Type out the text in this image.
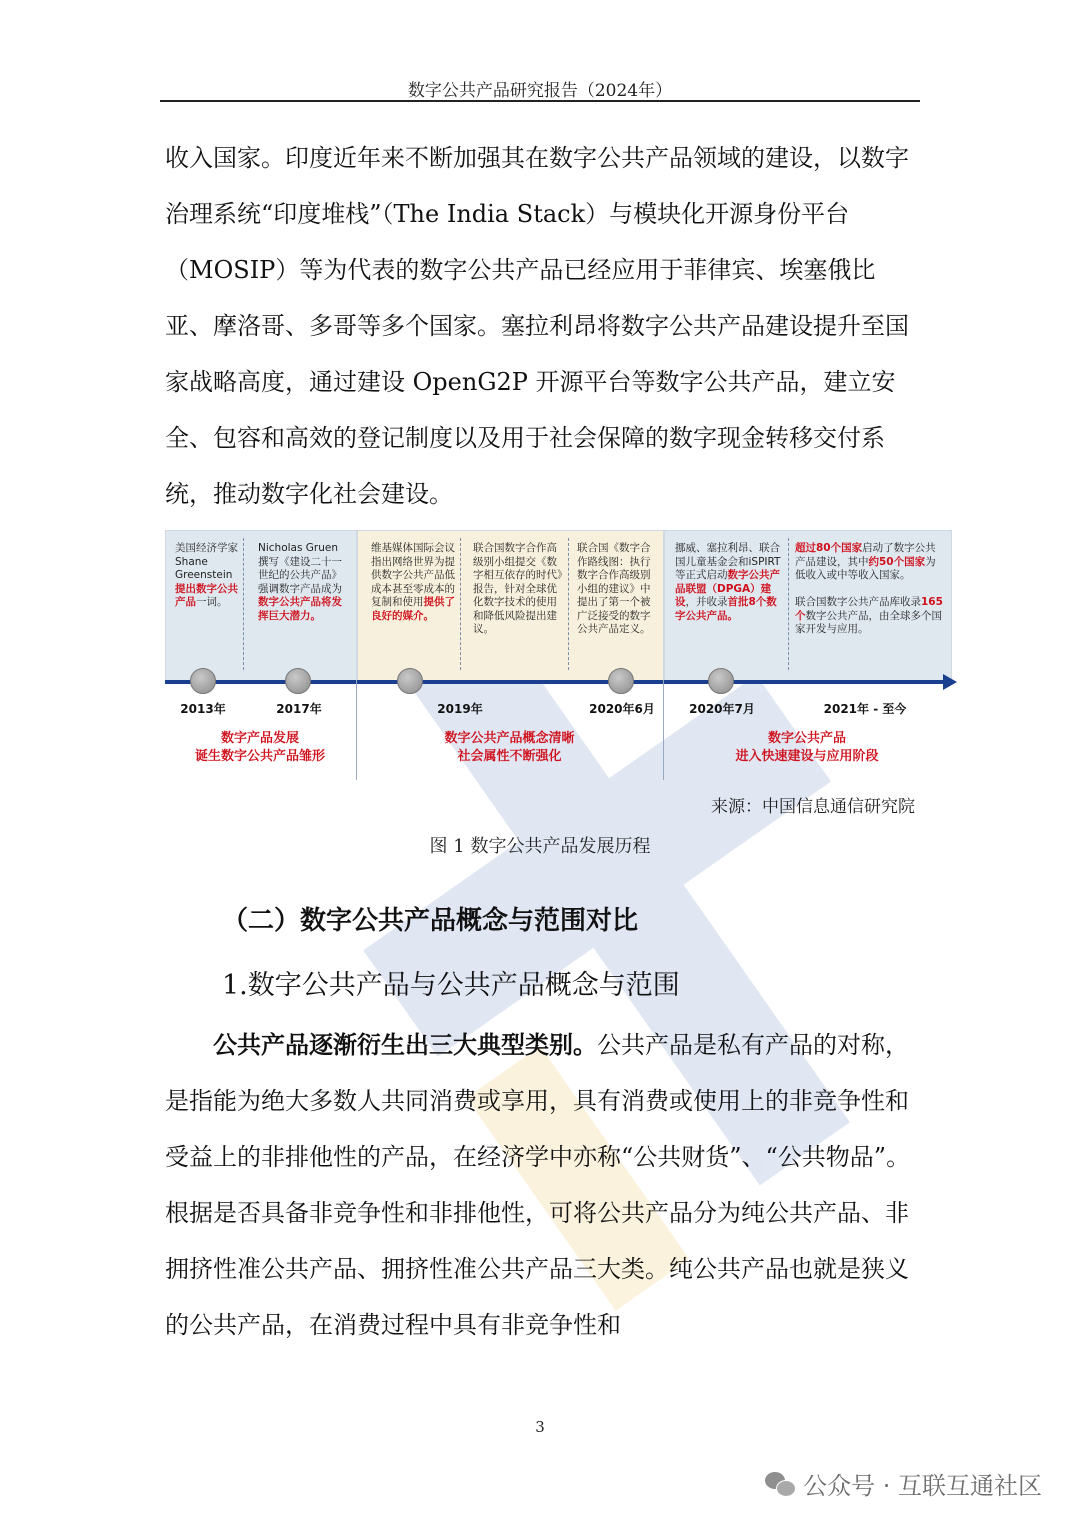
数字公共产品研究报告（2024年）

收入国家。印度近年来不断加强其在数字公共产品领域的建设，以数字治理系统“印度堆栈”（The India Stack）与模块化开源身份平台（MOSIP）等为代表的数字公共产品已经应用于菲律宾、埃塞俄比亚、摩洛哥、多哥等多个国家。塞拉利昂将数字公共产品建设提升至国家战略高度，通过建设 OpenG2P 开源平台等数字公共产品，建立安全、包容和高效的登记制度以及用于社会保障的数字现金转移交付系统，推动数字化社会建设。

美国经济学家Shane Greenstein提出数字公共产品一词。
Nicholas Gruen撰写《建设二十一世纪的公共产品》强调数字产品成为数字公共产品将发挥巨大潜力。
维基媒体国际会议指出网络世界为提供数字公共产品低成本甚至零成本的复制和使用提供了良好的媒介。
联合国数字合作高级别小组提交《数字相互依存的时代》报告，针对全球优化数字技术的使用和降低风险提出建议。
联合国《数字合作路线图：执行数字合作高级别小组的建议》中提出了第一个被广泛接受的数字公共产品定义。
挪威、塞拉利昂、联合国儿童基金会和iSPIRT等正式启动数字公共产品联盟（DPGA）建设，并收录首批8个数字公共产品。
超过80个国家启动了数字公共产品建设，其中约50个国家为低收入或中等收入国家。

联合国数字公共产品库收录165个数字公共产品，由全球多个国家开发与应用。
2013年	2017年	2019年	2020年6月	2020年7月	2021年 - 至今
数字产品发展
诞生数字公共产品雏形
数字公共产品概念清晰
社会属性不断强化
数字公共产品
进入快速建设与应用阶段
来源：中国信息通信研究院
图 1 数字公共产品发展历程
（二）数字公共产品概念与范围对比
1.数字公共产品与公共产品概念与范围

公共产品逐渐衍生出三大典型类别。公共产品是私有产品的对称，是指能为绝大多数人共同消费或享用，具有消费或使用上的非竞争性和受益上的非排他性的产品，在经济学中亦称“公共财货”、“公共物品”。根据是否具备非竞争性和非排他性，可将公共产品分为纯公共产品、非拥挤性准公共产品、拥挤性准公共产品三大类。纯公共产品也就是狭义的公共产品，在消费过程中具有非竞争性和

3
公众号 · 互联互通社区
